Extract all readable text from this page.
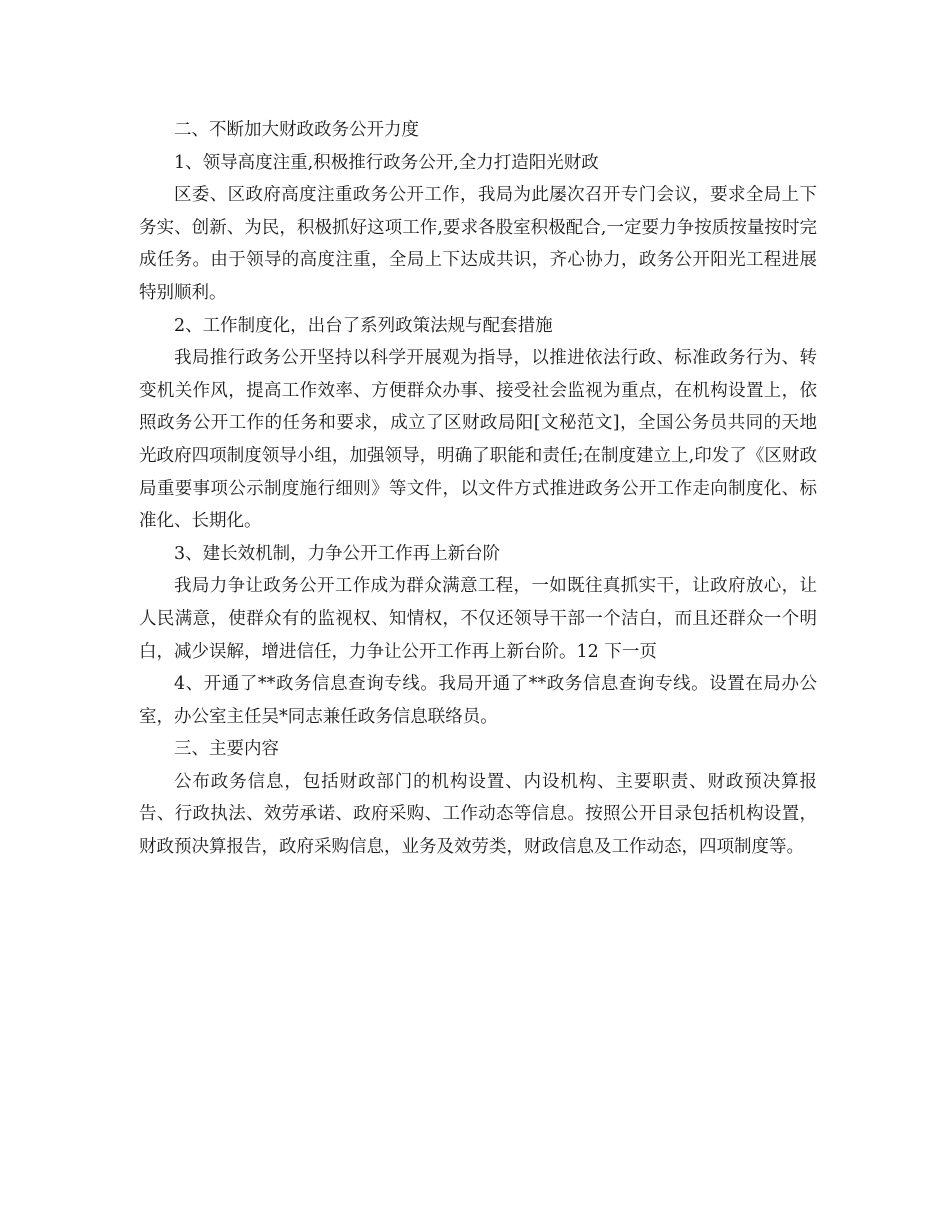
二、不断加大财政政务公开力度

1、领导高度注重,积极推行政务公开,全力打造阳光财政

区委、区政府高度注重政务公开工作，我局为此屡次召开专门会议，要求全局上下务实、创新、为民，积极抓好这项工作,要求各股室积极配合,一定要力争按质按量按时完成任务。由于领导的高度注重，全局上下达成共识，齐心协力，政务公开阳光工程进展特别顺利。

2、工作制度化，出台了系列政策法规与配套措施

我局推行政务公开坚持以科学开展观为指导，以推进依法行政、标准政务行为、转变机关作风，提高工作效率、方便群众办事、接受社会监视为重点，在机构设置上，依照政务公开工作的任务和要求，成立了区财政局阳[文秘范文]，全国公务员共同的天地光政府四项制度领导小组，加强领导，明确了职能和责任;在制度建立上,印发了《区财政局重要事项公示制度施行细则》等文件，以文件方式推进政务公开工作走向制度化、标准化、长期化。

3、建长效机制，力争公开工作再上新台阶

我局力争让政务公开工作成为群众满意工程，一如既往真抓实干，让政府放心，让人民满意，使群众有的监视权、知情权，不仅还领导干部一个洁白，而且还群众一个明白，减少误解，增进信任，力争让公开工作再上新台阶。12 下一页

4、开通了**政务信息查询专线。我局开通了**政务信息查询专线。设置在局办公室，办公室主任吴*同志兼任政务信息联络员。

三、主要内容

公布政务信息，包括财政部门的机构设置、内设机构、主要职责、财政预决算报告、行政执法、效劳承诺、政府采购、工作动态等信息。按照公开目录包括机构设置，财政预决算报告，政府采购信息，业务及效劳类，财政信息及工作动态，四项制度等。
